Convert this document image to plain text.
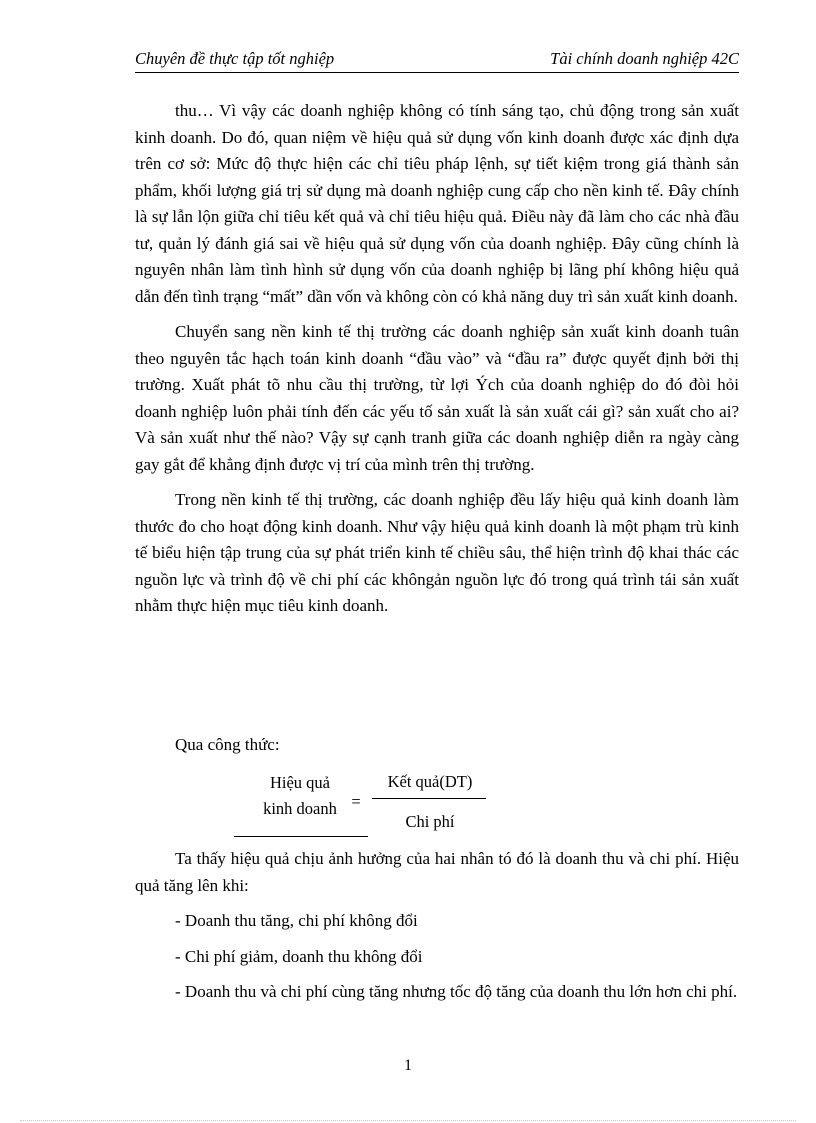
Chuyên đề thực tập tốt nghiệp	Tài chính doanh nghiệp 42C

thu… Vì vậy các doanh nghiệp không có tính sáng tạo, chủ động trong sản xuất kinh doanh. Do đó, quan niệm về hiệu quả sử dụng vốn kinh doanh được xác định dựa trên cơ sở: Mức độ thực hiện các chỉ tiêu pháp lệnh, sự tiết kiệm trong giá thành sản phẩm, khối lượng giá trị sử dụng mà doanh nghiệp cung cấp cho nền kinh tế. Đây chính là sự lẫn lộn giữa chỉ tiêu kết quả và chỉ tiêu hiệu quả. Điều này đã làm cho các nhà đầu tư, quản lý đánh giá sai về hiệu quả sử dụng vốn của doanh nghiệp. Đây cũng chính là nguyên nhân làm tình hình sử dụng vốn của doanh nghiệp bị lãng phí không hiệu quả dẫn đến tình trạng “mất” dần vốn và không còn có khả năng duy trì sản xuất kinh doanh.

Chuyển sang nền kinh tế thị trường các doanh nghiệp sản xuất kinh doanh tuân theo nguyên tắc hạch toán kinh doanh “đầu vào” và “đầu ra” được quyết định bởi thị trường. Xuất phát tõ nhu cầu thị trường, từ lợi Ých của doanh nghiệp do đó đòi hỏi doanh nghiệp luôn phải tính đến các yếu tố sản xuất là sản xuất cái gì? sản xuất cho ai? Và sản xuất như thế nào? Vậy sự cạnh tranh giữa các doanh nghiệp diễn ra ngày càng gay gắt để khẳng định được vị trí của mình trên thị trường.

Trong nền kinh tế thị trường, các doanh nghiệp đều lấy hiệu quả kinh doanh làm thước đo cho hoạt động kinh doanh. Như vậy hiệu quả kinh doanh là một phạm trù kinh tế biểu hiện tập trung của sự phát triển kinh tế chiều sâu, thể hiện trình độ khai thác các nguồn lực và trình độ về chi phí các khôngản nguồn lực đó trong quá trình tái sản xuất nhằm thực hiện mục tiêu kinh doanh.

Qua công thức:
Hiệu quả
kinh doanh =
Kết quả(DT)
Chi phí

Ta thấy hiệu quả chịu ảnh hưởng của hai nhân tó đó là doanh thu và chi phí. Hiệu quả tăng lên khi:

- Doanh thu tăng, chi phí không đổi

- Chi phí giảm, doanh thu không đổi

- Doanh thu và chi phí cùng tăng nhưng tốc độ tăng của doanh thu lớn hơn chi phí.

1
